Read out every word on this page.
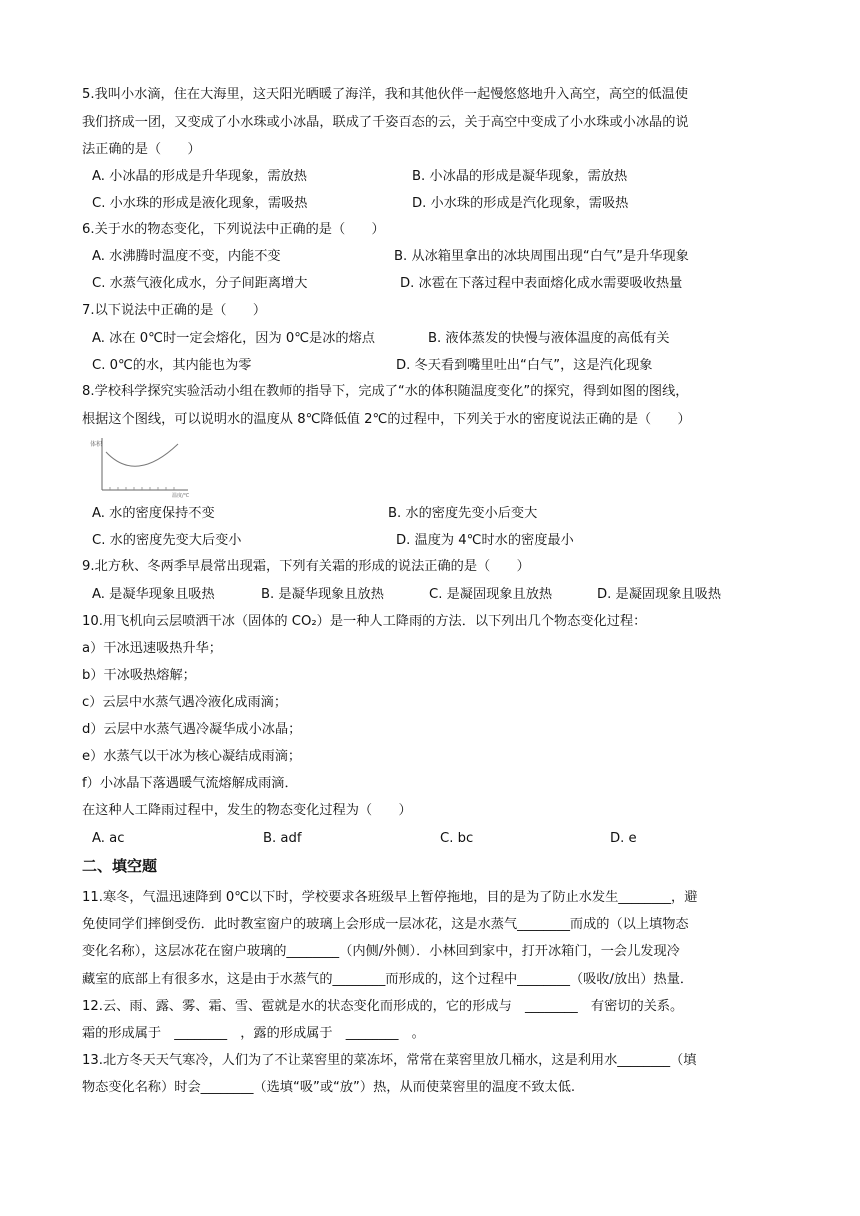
5.我叫小水滴，住在大海里，这天阳光晒暖了海洋，我和其他伙伴一起慢悠悠地升入高空，高空的低温使
我们挤成一团，又变成了小水珠或小冰晶，联成了千姿百态的云，关于高空中变成了小水珠或小冰晶的说
法正确的是（　　）
A. 小冰晶的形成是升华现象，需放热	B. 小冰晶的形成是凝华现象，需放热
C. 小水珠的形成是液化现象，需吸热	D. 小水珠的形成是汽化现象，需吸热
6.关于水的物态变化，下列说法中正确的是（　　）
A. 水沸腾时温度不变，内能不变	B. 从冰箱里拿出的冰块周围出现“白气”是升华现象
C. 水蒸气液化成水，分子间距离增大	D. 冰雹在下落过程中表面熔化成水需要吸收热量
7.以下说法中正确的是（　　）
A. 冰在 0℃时一定会熔化，因为 0℃是冰的熔点	B. 液体蒸发的快慢与液体温度的高低有关
C. 0℃的水，其内能也为零	D. 冬天看到嘴里吐出“白气”，这是汽化现象
8.学校科学探究实验活动小组在教师的指导下，完成了“水的体积随温度变化”的探究，得到如图的图线，
根据这个图线，可以说明水的温度从 8℃降低值 2℃的过程中，下列关于水的密度说法正确的是（　　）
体积
温度/℃
A. 水的密度保持不变	B. 水的密度先变小后变大
C. 水的密度先变大后变小	D. 温度为 4℃时水的密度最小
9.北方秋、冬两季早晨常出现霜，下列有关霜的形成的说法正确的是（　　）
A. 是凝华现象且吸热	B. 是凝华现象且放热	C. 是凝固现象且放热	D. 是凝固现象且吸热
10.用飞机向云层喷洒干冰（固体的 CO₂）是一种人工降雨的方法．以下列出几个物态变化过程：
a）干冰迅速吸热升华；
b）干冰吸热熔解；
c）云层中水蒸气遇冷液化成雨滴；
d）云层中水蒸气遇冷凝华成小冰晶；
e）水蒸气以干冰为核心凝结成雨滴；
f）小冰晶下落遇暖气流熔解成雨滴．
在这种人工降雨过程中，发生的物态变化过程为（　　）
A. ac	B. adf	C. bc	D. e
二、填空题
11.寒冬，气温迅速降到 0℃以下时，学校要求各班级早上暂停拖地，目的是为了防止水发生________，避
免使同学们摔倒受伤．此时教室窗户的玻璃上会形成一层冰花，这是水蒸气________而成的（以上填物态
变化名称），这层冰花在窗户玻璃的________（内侧/外侧）．小林回到家中，打开冰箱门，一会儿发现冷
藏室的底部上有很多水，这是由于水蒸气的________而形成的，这个过程中________（吸收/放出）热量．
12.云、雨、露、雾、霜、雪、雹就是水的状态变化而形成的，它的形成与　________　有密切的关系。
霜的形成属于　________　，露的形成属于　________　。
13.北方冬天天气寒冷，人们为了不让菜窖里的菜冻坏，常常在菜窖里放几桶水，这是利用水________（填
物态变化名称）时会________（选填“吸”或“放”）热，从而使菜窖里的温度不致太低.
